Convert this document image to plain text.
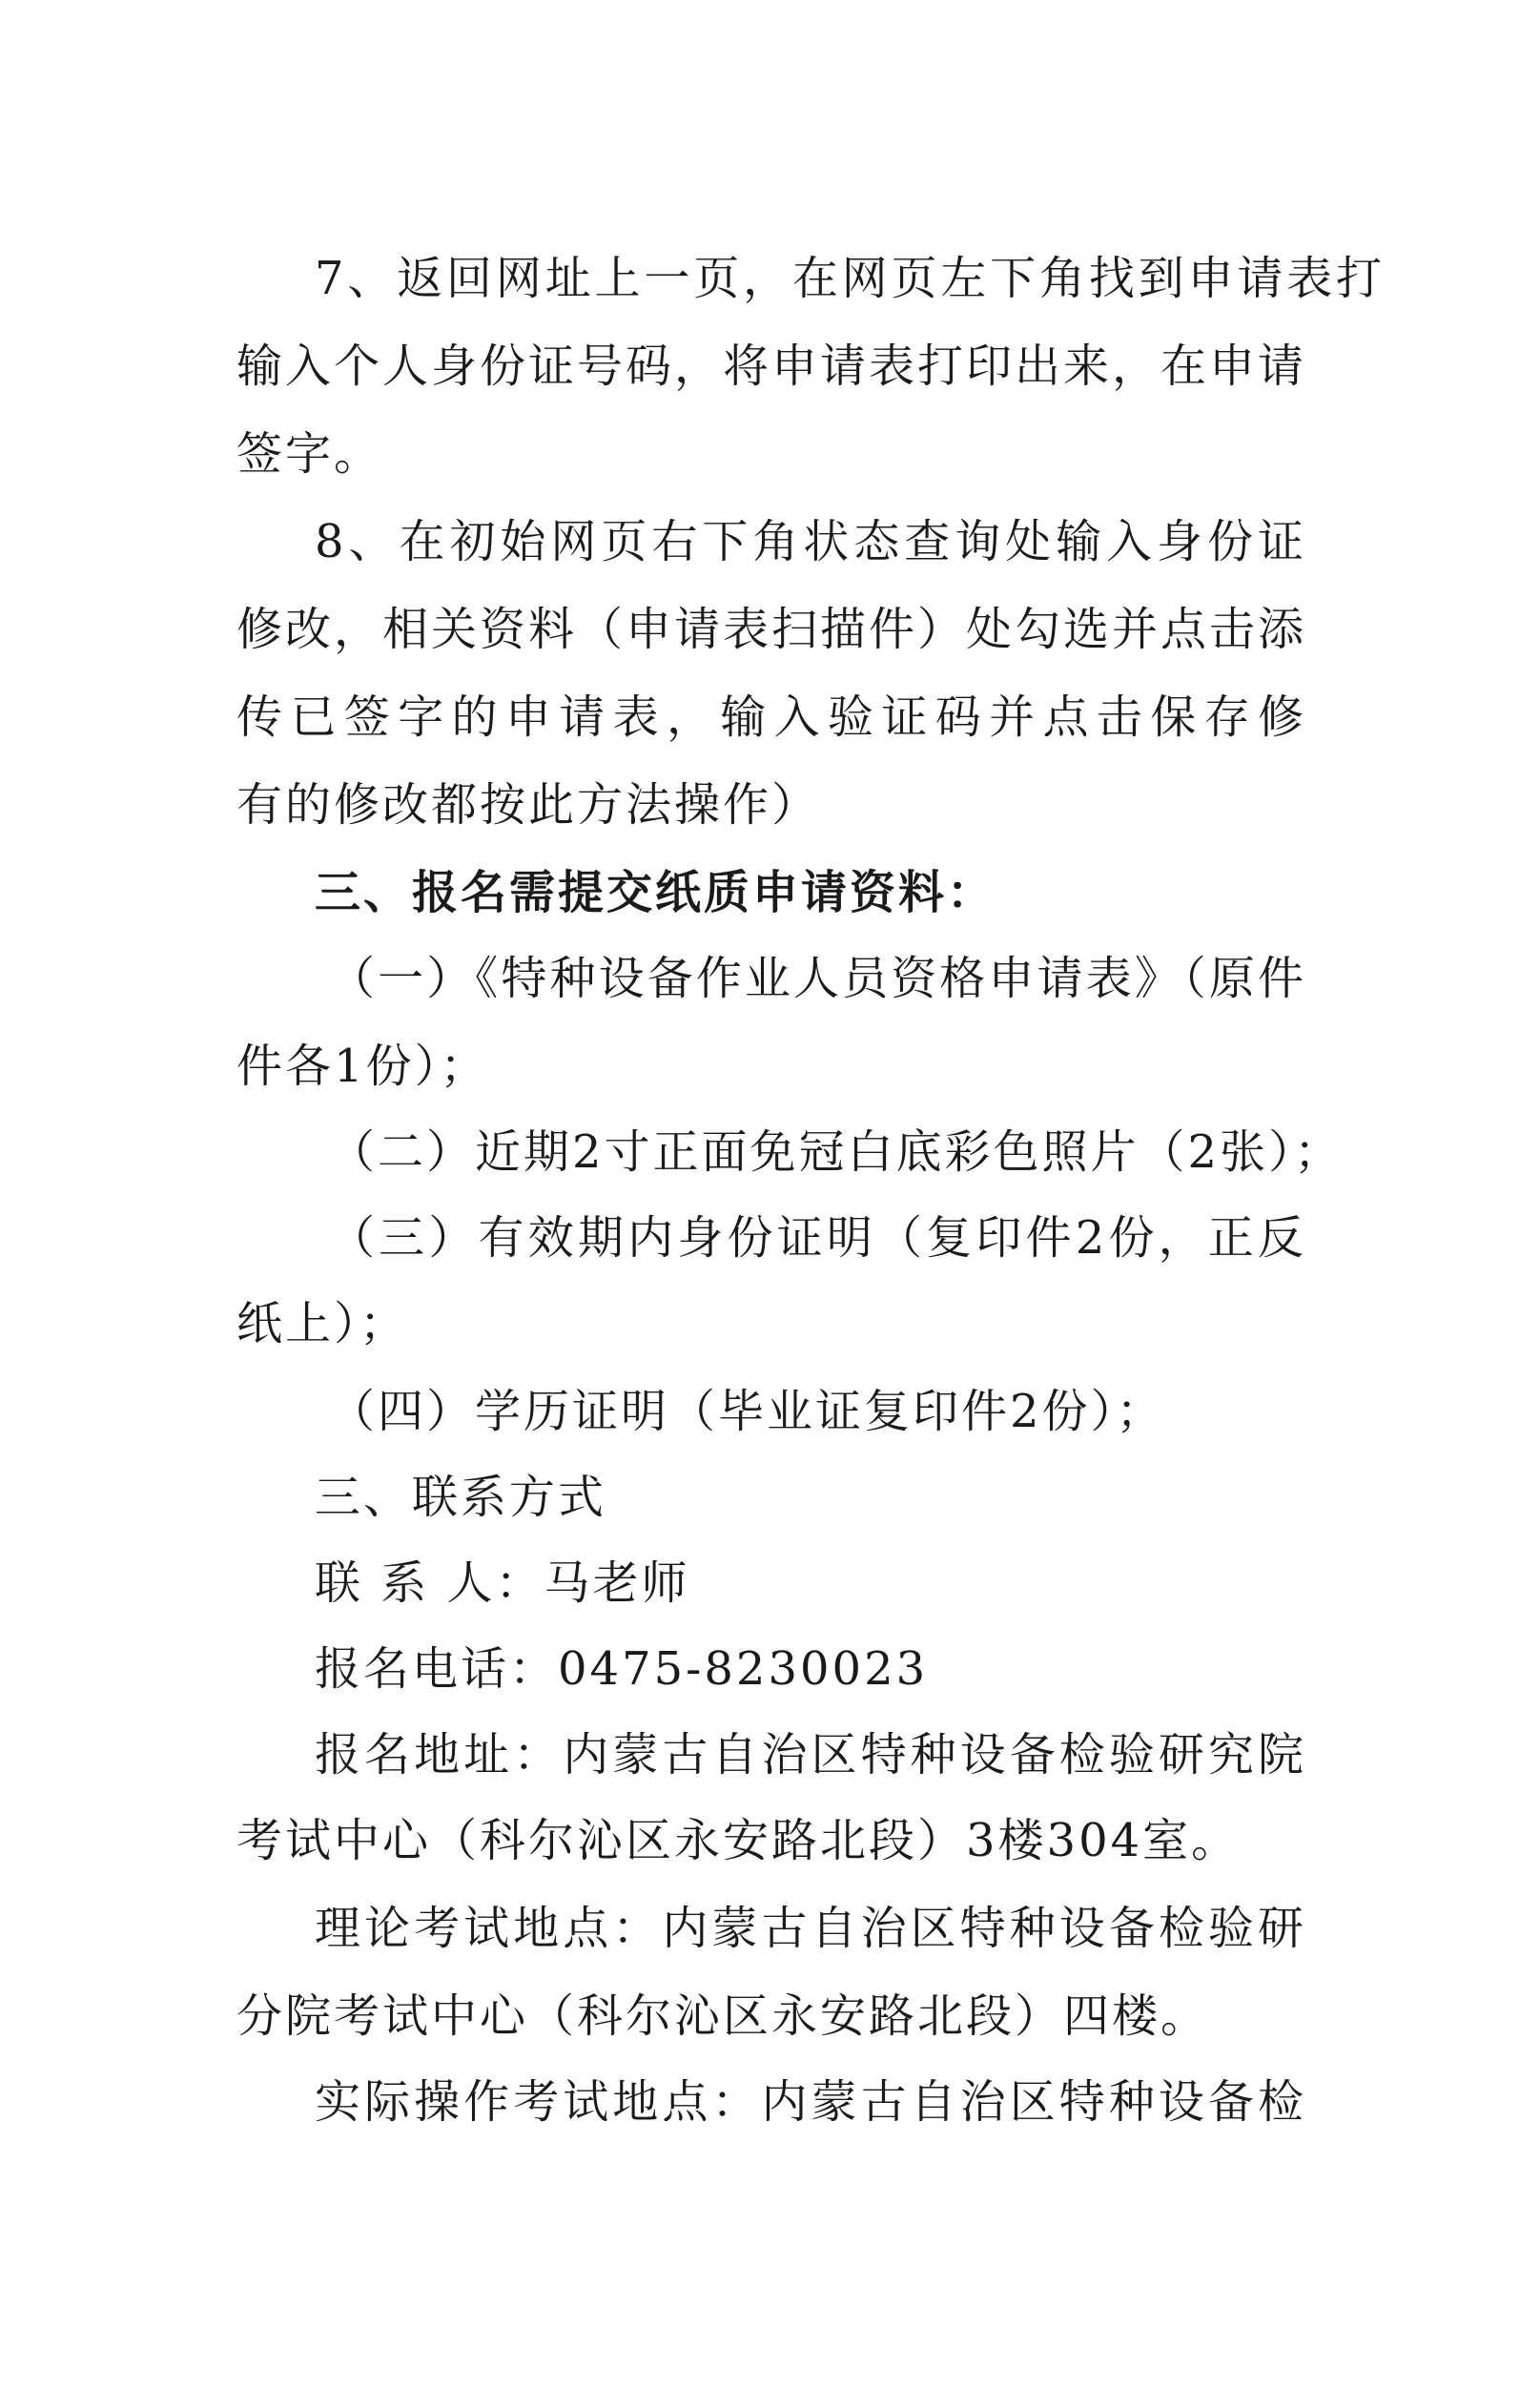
7、返回网址上一页，在网页左下角找到申请表打
输入个人身份证号码，将申请表打印出来，在申请
签字。
8、在初始网页右下角状态查询处输入身份证
修改，相关资料（申请表扫描件）处勾选并点击添
传已签字的申请表，输入验证码并点击保存修
有的修改都按此方法操作）
三、报名需提交纸质申请资料：
（一）《特种设备作业人员资格申请表》（原件
件各1份）；
（二）近期2寸正面免冠白底彩色照片（2张）；
（三）有效期内身份证明（复印件2份，正反
纸上）；
（四）学历证明（毕业证复印件2份）；
三、联系方式
联 系 人：马老师
报名电话：0475-8230023
报名地址：内蒙古自治区特种设备检验研究院
考试中心（科尔沁区永安路北段）3楼304室。
理论考试地点：内蒙古自治区特种设备检验研
分院考试中心（科尔沁区永安路北段）四楼。
实际操作考试地点：内蒙古自治区特种设备检
